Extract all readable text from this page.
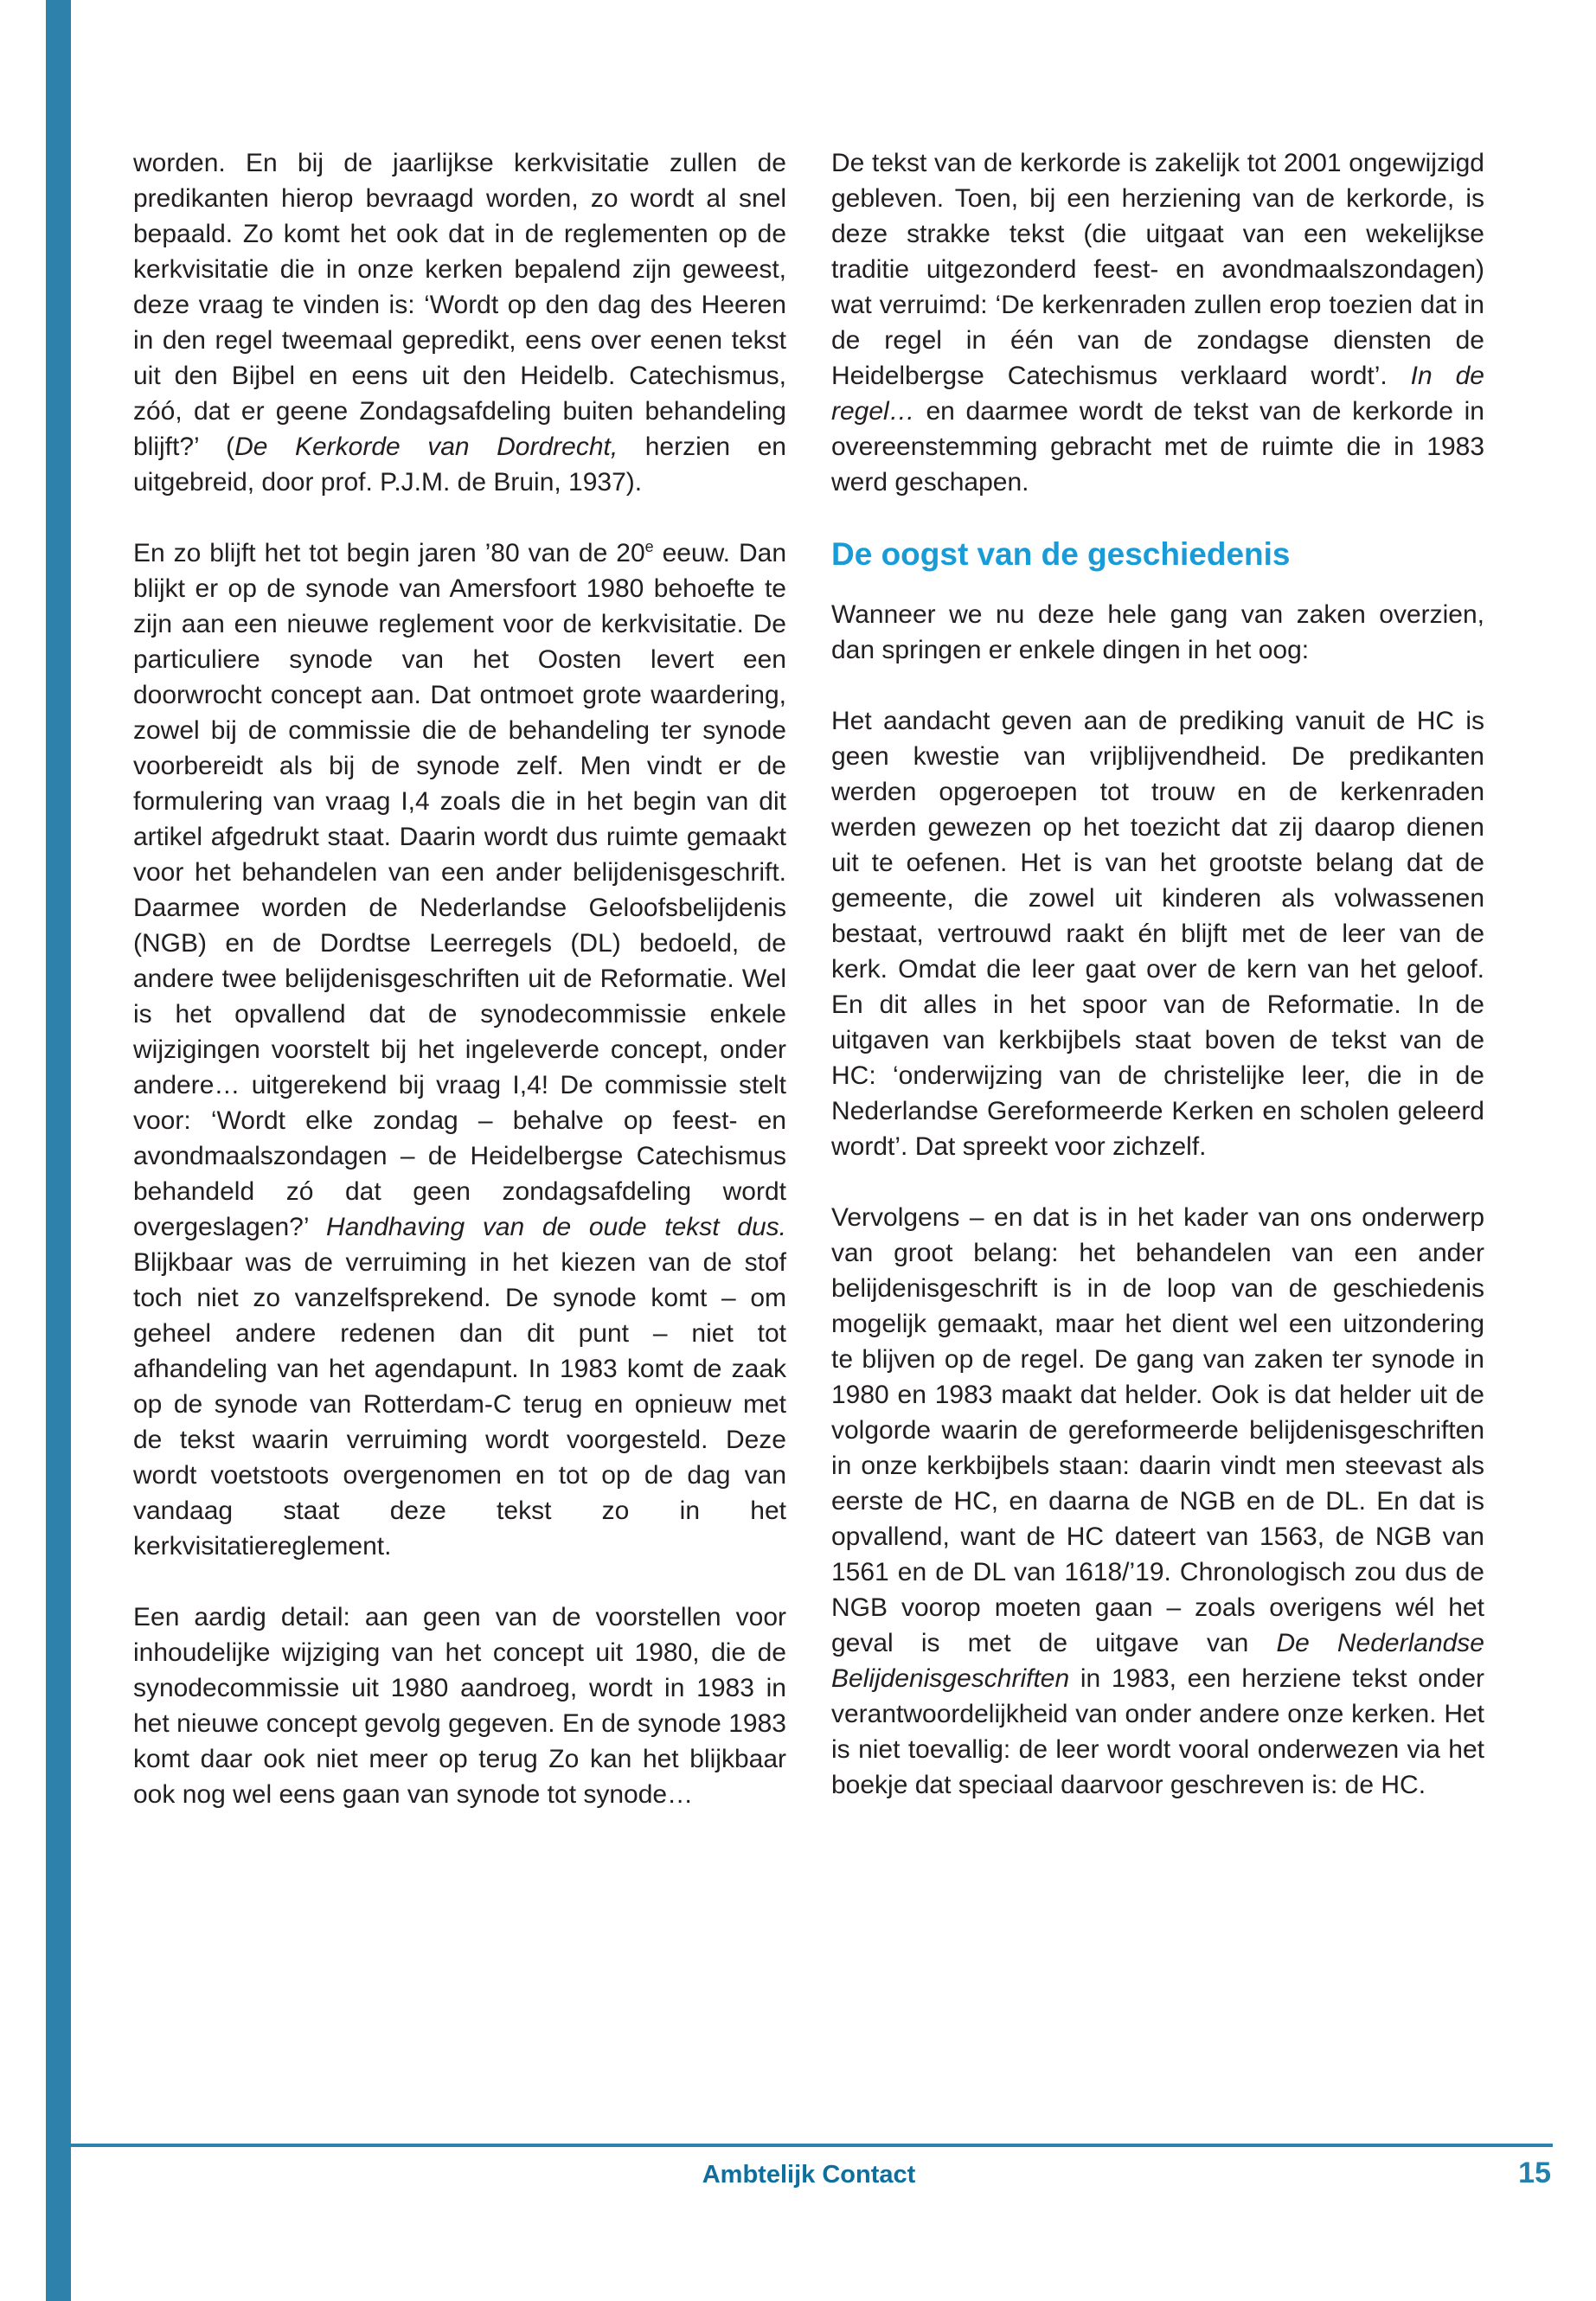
worden. En bij de jaarlijkse kerkvisitatie zullen de predikanten hierop bevraagd worden, zo wordt al snel bepaald. Zo komt het ook dat in de reglementen op de kerkvisitatie die in onze kerken bepalend zijn geweest, deze vraag te vinden is: ‘Wordt op den dag des Heeren in den regel tweemaal gepredikt, eens over eenen tekst uit den Bijbel en eens uit den Heidelb. Catechismus, zóó, dat er geene Zondagsafdeling buiten behandeling blijft?’ (De Kerkorde van Dordrecht, herzien en uitgebreid, door prof. P.J.M. de Bruin, 1937).

En zo blijft het tot begin jaren ’80 van de 20e eeuw. Dan blijkt er op de synode van Amersfoort 1980 behoefte te zijn aan een nieuwe reglement voor de kerkvisitatie. De particuliere synode van het Oosten levert een doorwrocht concept aan. Dat ontmoet grote waardering, zowel bij de commissie die de behandeling ter synode voorbereidt als bij de synode zelf. Men vindt er de formulering van vraag I,4 zoals die in het begin van dit artikel afgedrukt staat. Daarin wordt dus ruimte gemaakt voor het behandelen van een ander belijdenisgeschrift. Daarmee worden de Nederlandse Geloofsbelijdenis (NGB) en de Dordtse Leerregels (DL) bedoeld, de andere twee belijdenisgeschriften uit de Reformatie. Wel is het opvallend dat de synodecommissie enkele wijzigingen voorstelt bij het ingeleverde concept, onder andere… uitgerekend bij vraag I,4! De commissie stelt voor: ‘Wordt elke zondag – behalve op feest- en avondmaalszondagen – de Heidelbergse Catechismus behandeld zó dat geen zondagsafdeling wordt overgeslagen?’ Handhaving van de oude tekst dus. Blijkbaar was de verruiming in het kiezen van de stof toch niet zo vanzelfsprekend. De synode komt – om geheel andere redenen dan dit punt – niet tot afhandeling van het agendapunt. In 1983 komt de zaak op de synode van Rotterdam-C terug en opnieuw met de tekst waarin verruiming wordt voorgesteld. Deze wordt voetstoots overgenomen en tot op de dag van vandaag staat deze tekst zo in het kerkvisitatiereglement.

Een aardig detail: aan geen van de voorstellen voor inhoudelijke wijziging van het concept uit 1980, die de synodecommissie uit 1980 aandroeg, wordt in 1983 in het nieuwe concept gevolg gegeven. En de synode 1983 komt daar ook niet meer op terug Zo kan het blijkbaar ook nog wel eens gaan van synode tot synode…

De tekst van de kerkorde is zakelijk tot 2001 ongewijzigd gebleven. Toen, bij een herziening van de kerkorde, is deze strakke tekst (die uitgaat van een wekelijkse traditie uitgezonderd feest- en avondmaalszondagen) wat verruimd: ‘De kerkenraden zullen erop toezien dat in de regel in één van de zondagse diensten de Heidelbergse Catechismus verklaard wordt’. In de regel… en daarmee wordt de tekst van de kerkorde in overeenstemming gebracht met de ruimte die in 1983 werd geschapen.

De oogst van de geschiedenis

Wanneer we nu deze hele gang van zaken overzien, dan springen er enkele dingen in het oog:

Het aandacht geven aan de prediking vanuit de HC is geen kwestie van vrijblijvendheid. De predikanten werden opgeroepen tot trouw en de kerkenraden werden gewezen op het toezicht dat zij daarop dienen uit te oefenen. Het is van het grootste belang dat de gemeente, die zowel uit kinderen als volwassenen bestaat, vertrouwd raakt én blijft met de leer van de kerk. Omdat die leer gaat over de kern van het geloof. En dit alles in het spoor van de Reformatie. In de uitgaven van kerkbijbels staat boven de tekst van de HC: ‘onderwijzing van de christelijke leer, die in de Nederlandse Gereformeerde Kerken en scholen geleerd wordt’. Dat spreekt voor zichzelf.

Vervolgens – en dat is in het kader van ons onderwerp van groot belang: het behandelen van een ander belijdenisgeschrift is in de loop van de geschiedenis mogelijk gemaakt, maar het dient wel een uitzondering te blijven op de regel. De gang van zaken ter synode in 1980 en 1983 maakt dat helder. Ook is dat helder uit de volgorde waarin de gereformeerde belijdenisgeschriften in onze kerkbijbels staan: daarin vindt men steevast als eerste de HC, en daarna de NGB en de DL. En dat is opvallend, want de HC dateert van 1563, de NGB van 1561 en de DL van 1618/’19. Chronologisch zou dus de NGB voorop moeten gaan – zoals overigens wél het geval is met de uitgave van De Nederlandse Belijdenisgeschriften in 1983, een herziene tekst onder verantwoordelijkheid van onder andere onze kerken. Het is niet toevallig: de leer wordt vooral onderwezen via het boekje dat speciaal daarvoor geschreven is: de HC.

Ambtelijk Contact	15
